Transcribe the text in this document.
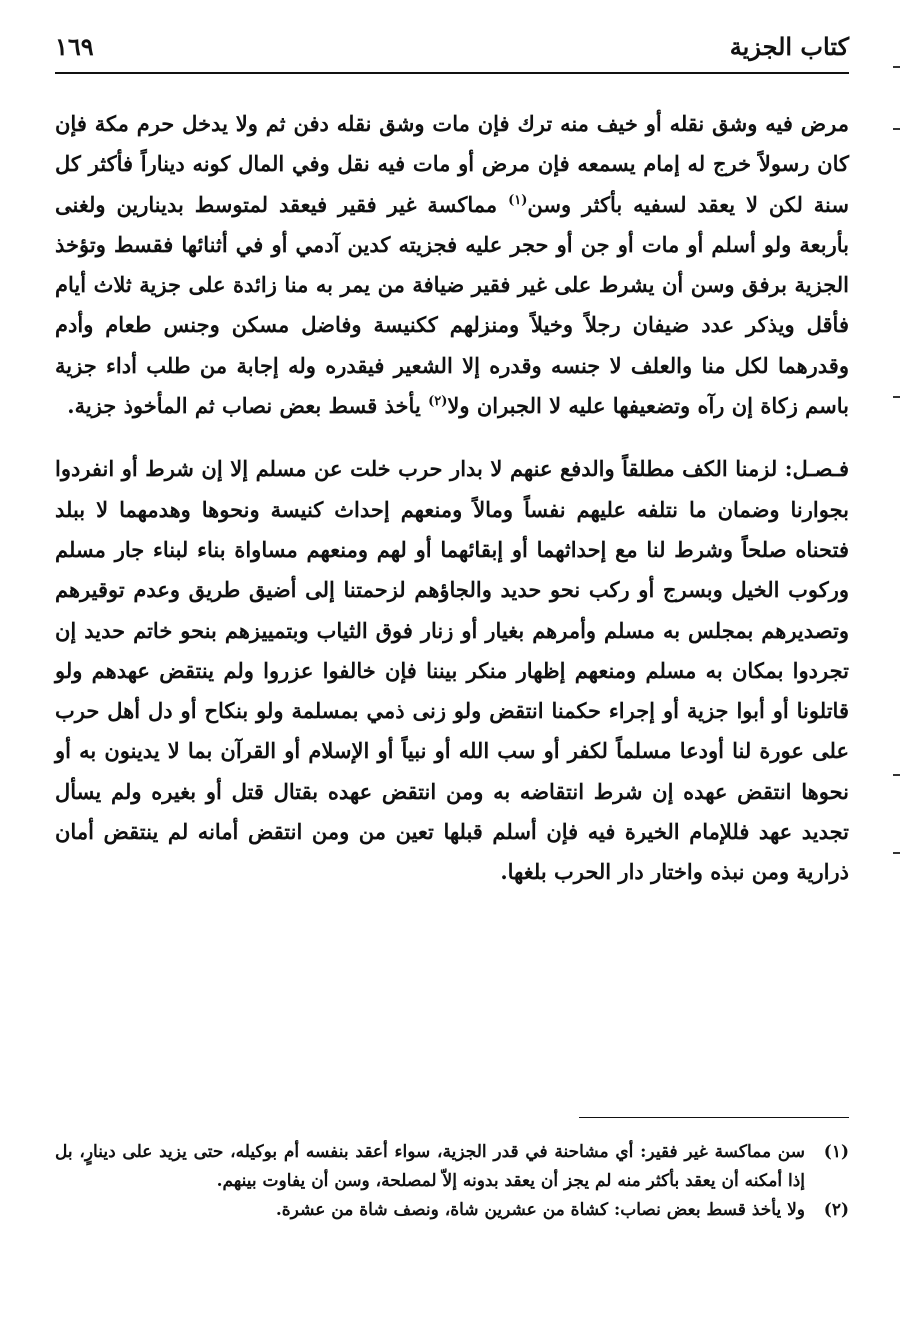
كتاب الجزية
١٦٩

مرض فيه وشق نقله أو خيف منه ترك فإن مات وشق نقله دفن ثم ولا يدخل حرم مكة فإن كان رسولاً خرج له إمام يسمعه فإن مرض أو مات فيه نقل وفي المال كونه ديناراً فأكثر كل سنة لكن لا يعقد لسفيه بأكثر وسن$^{(١)}$ مماكسة غير فقير فيعقد لمتوسط بدينارين ولغنى بأربعة ولو أسلم أو مات أو جن أو حجر عليه فجزيته كدين آدمي أو في أثنائها فقسط وتؤخذ الجزية برفق وسن أن يشرط على غير فقير ضيافة من يمر به منا زائدة على جزية ثلاث أيام فأقل ويذكر عدد ضيفان رجلاً وخيلاً ومنزلهم ككنيسة وفاضل مسكن وجنس طعام وأدم وقدرهما لكل منا والعلف لا جنسه وقدره إلا الشعير فيقدره وله إجابة من طلب أداء جزية باسم زكاة إن رآه وتضعيفها عليه لا الجبران ولا$^{(٢)}$ يأخذ قسط بعض نصاب ثم المأخوذ جزية.

فـصـل: لزمنا الكف مطلقاً والدفع عنهم لا بدار حرب خلت عن مسلم إلا إن شرط أو انفردوا بجوارنا وضمان ما نتلفه عليهم نفساً ومالاً ومنعهم إحداث كنيسة ونحوها وهدمهما لا ببلد فتحناه صلحاً وشرط لنا مع إحداثهما أو إبقائهما أو لهم ومنعهم مساواة بناء لبناء جار مسلم وركوب الخيل وبسرج أو ركب نحو حديد والجاؤهم لزحمتنا إلى أضيق طريق وعدم توقيرهم وتصديرهم بمجلس به مسلم وأمرهم بغيار أو زنار فوق الثياب وبتمييزهم بنحو خاتم حديد إن تجردوا بمكان به مسلم ومنعهم إظهار منكر بيننا فإن خالفوا عزروا ولم ينتقض عهدهم ولو قاتلونا أو أبوا جزية أو إجراء حكمنا انتقض ولو زنى ذمي بمسلمة ولو بنكاح أو دل أهل حرب على عورة لنا أودعا مسلماً لكفر أو سب الله أو نبياً أو الإسلام أو القرآن بما لا يدينون به أو نحوها انتقض عهده إن شرط انتقاضه به ومن انتقض عهده بقتال قتل أو بغيره ولم يسأل تجديد عهد فللإمام الخيرة فيه فإن أسلم قبلها تعين من ومن انتقض أمانه لم ينتقض أمان ذرارية ومن نبذه واختار دار الحرب بلغها.

(١)
سن مماكسة غير فقير: أي مشاحنة في قدر الجزية، سواء أعقد بنفسه أم بوكيله، حتى يزيد على دينارٍ، بل إذا أمكنه أن يعقد بأكثر منه لم يجز أن يعقد بدونه إلاّ لمصلحة، وسن أن يفاوت بينهم.

(٢)
ولا يأخذ قسط بعض نصاب: كشاة من عشرين شاة، ونصف شاة من عشرة.
